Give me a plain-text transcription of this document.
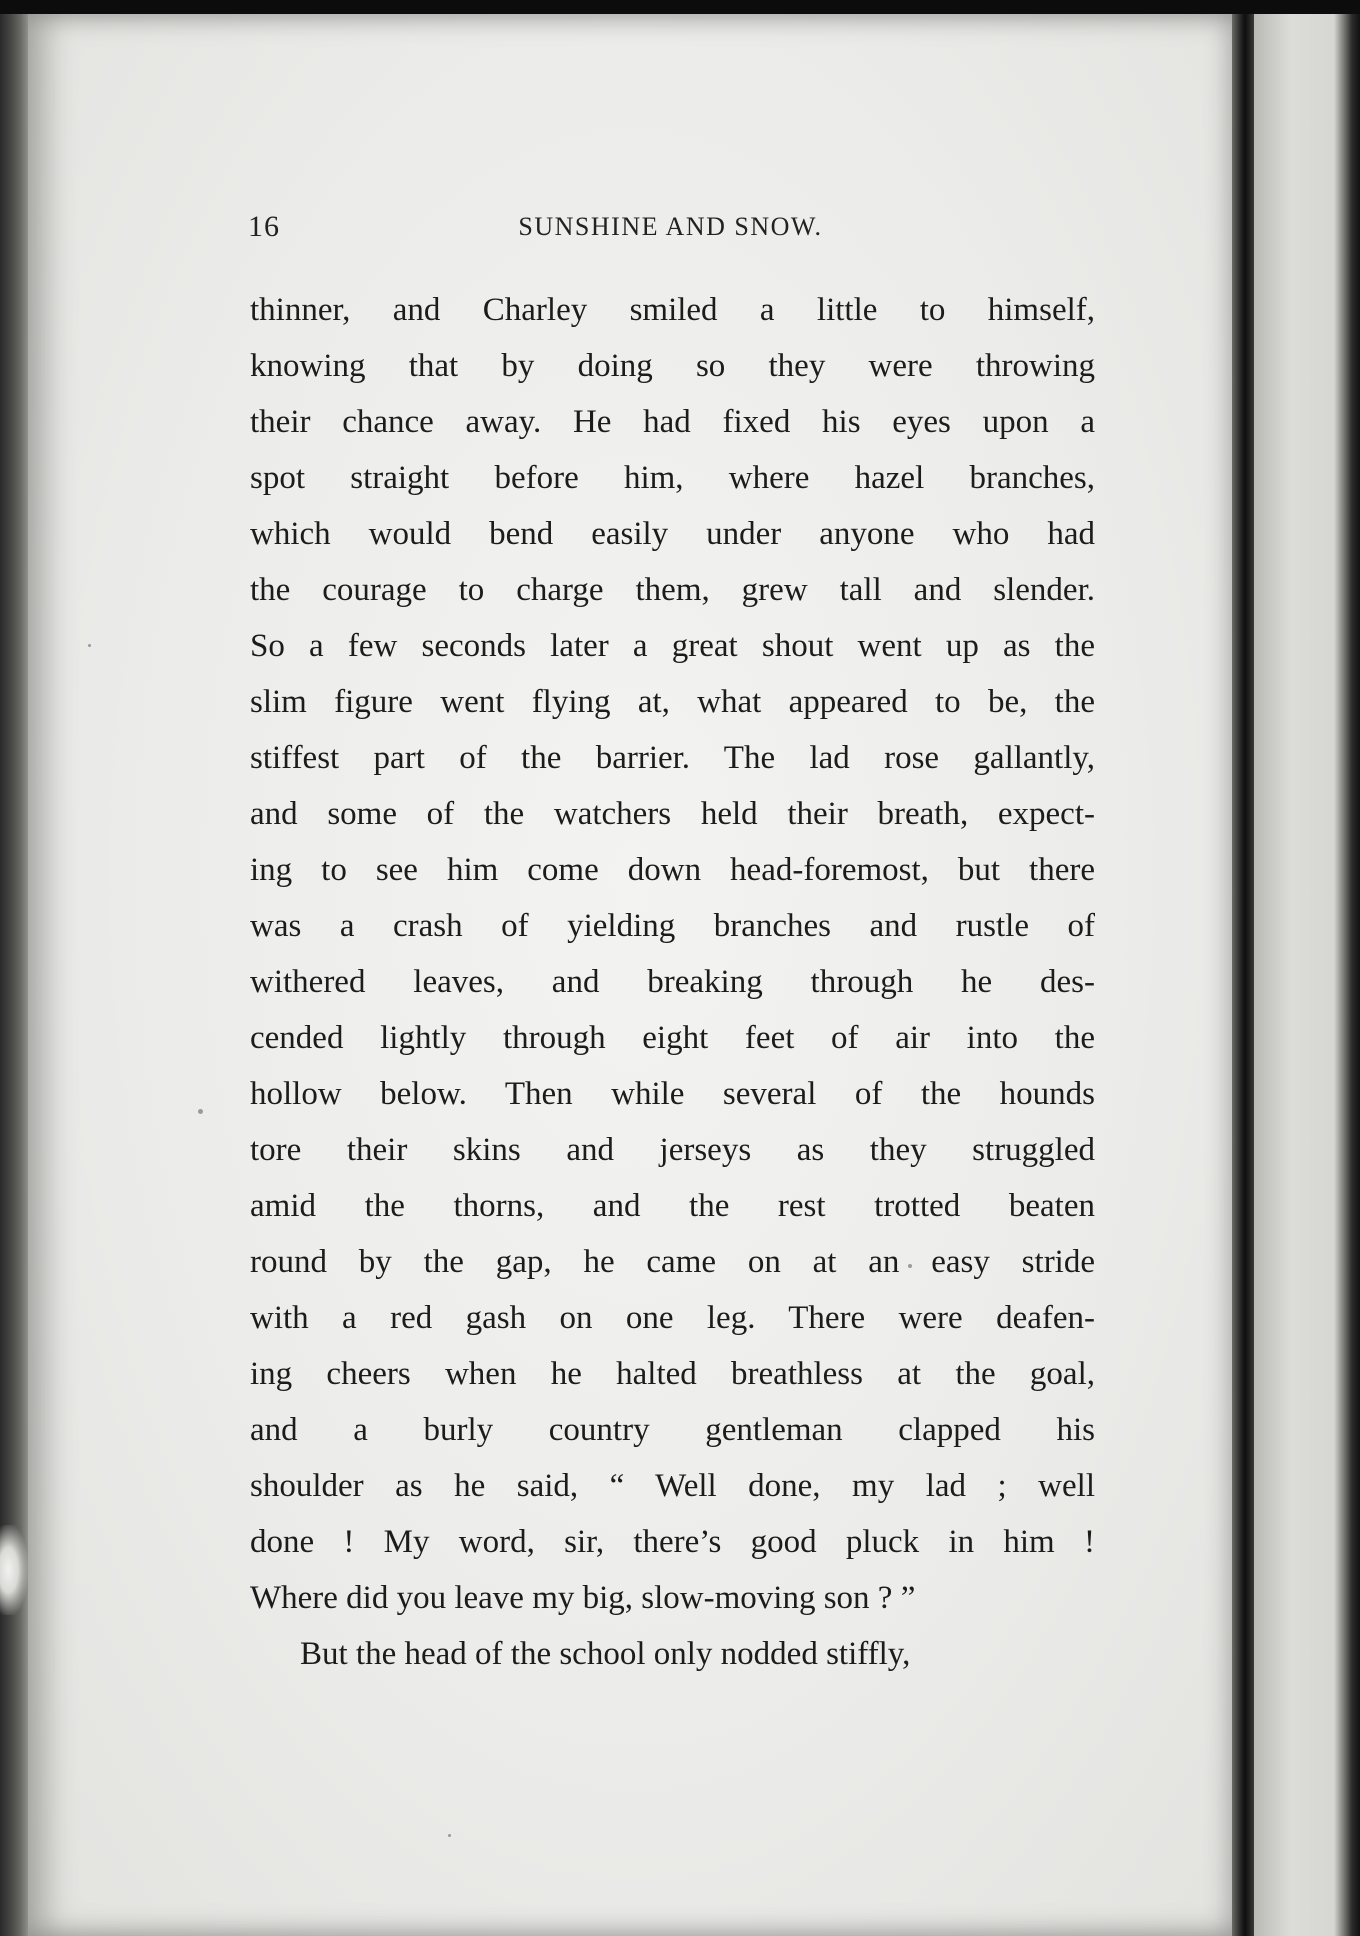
16	SUNSHINE AND SNOW.
thinner, and Charley smiled a little to himself,
knowing that by doing so they were throwing
their chance away. He had fixed his eyes upon a
spot straight before him, where hazel branches,
which would bend easily under anyone who had
the courage to charge them, grew tall and slender.
So a few seconds later a great shout went up as the
slim figure went flying at, what appeared to be, the
stiffest part of the barrier. The lad rose gallantly,
and some of the watchers held their breath, expect-
ing to see him come down head-foremost, but there
was a crash of yielding branches and rustle of
withered leaves, and breaking through he des-
cended lightly through eight feet of air into the
hollow below. Then while several of the hounds
tore their skins and jerseys as they struggled
amid the thorns, and the rest trotted beaten
round by the gap, he came on at an easy stride
with a red gash on one leg. There were deafen-
ing cheers when he halted breathless at the goal,
and a burly country gentleman clapped his
shoulder as he said, “ Well done, my lad ; well
done ! My word, sir, there’s good pluck in him !
Where did you leave my big, slow-moving son ? ”
But the head of the school only nodded stiffly,
